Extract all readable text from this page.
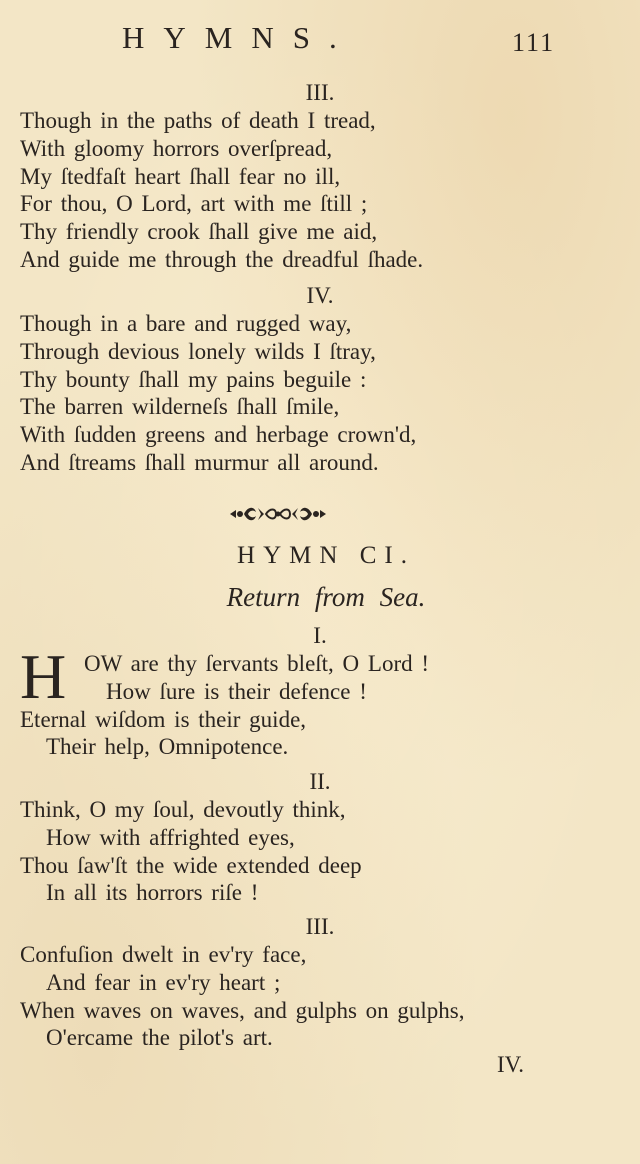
HYMNS.	111
III.
Though in the paths of death I tread,
With gloomy horrors overſpread,
My ſtedfaſt heart ſhall fear no ill,
For thou, O Lord, art with me ſtill ;
Thy friendly crook ſhall give me aid,
And guide me through the dreadful ſhade.
IV.
Though in a bare and rugged way,
Through devious lonely wilds I ſtray,
Thy bounty ſhall my pains beguile :
The barren wilderneſs ſhall ſmile,
With ſudden greens and herbage crown'd,
And ſtreams ſhall murmur all around.
HYMN CI.
Return from Sea.
I.
H OW are thy ſervants bleſt, O Lord !
How ſure is their defence !
Eternal wiſdom is their guide,
Their help, Omnipotence.
II.
Think, O my ſoul, devoutly think,
How with affrighted eyes,
Thou ſaw'ſt the wide extended deep
In all its horrors riſe !
III.
Confuſion dwelt in ev'ry face,
And fear in ev'ry heart ;
When waves on waves, and gulphs on gulphs,
O'ercame the pilot's art.
IV.
